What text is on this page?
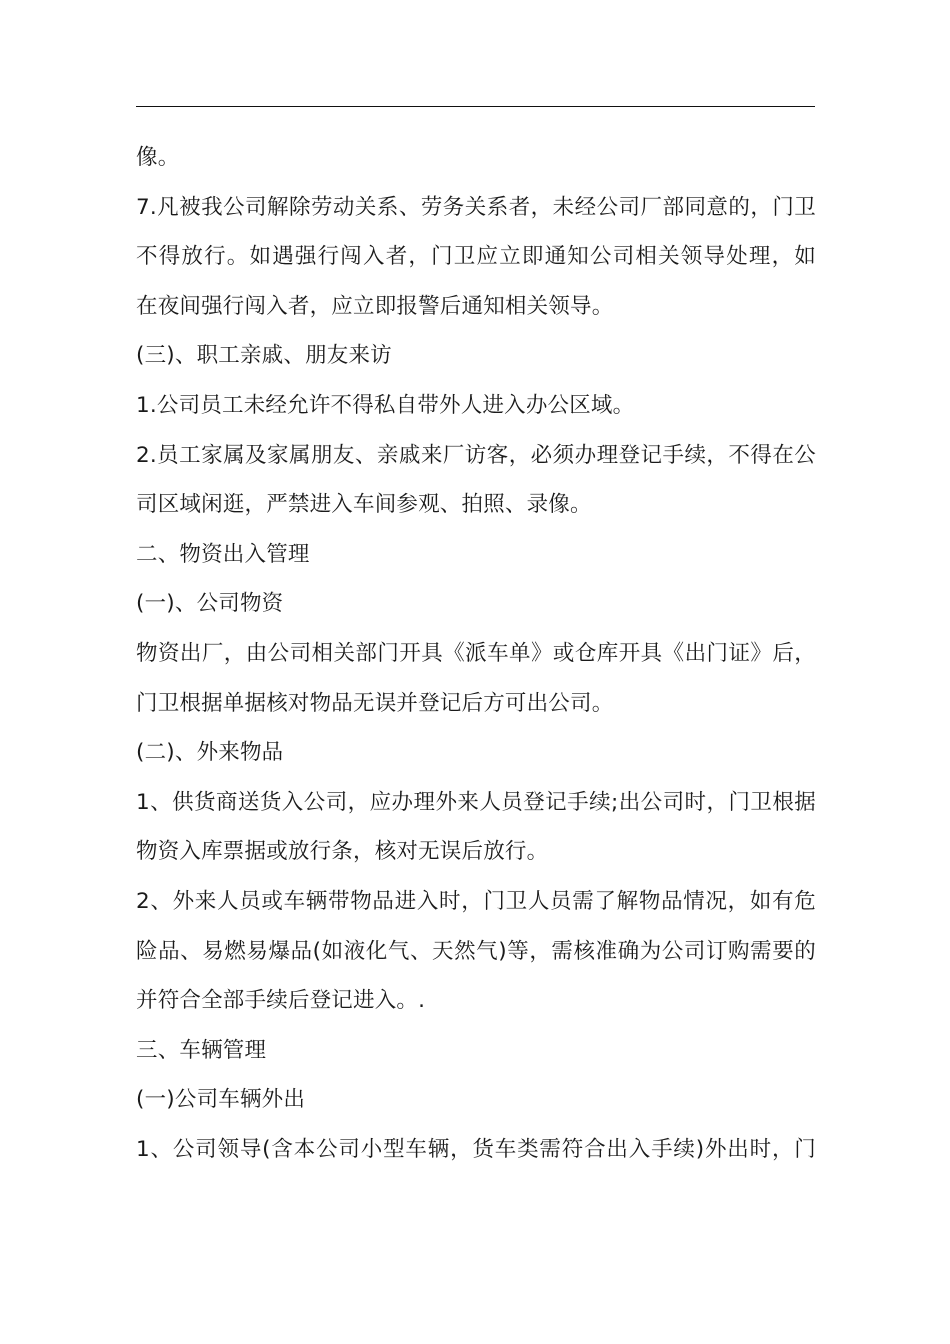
像。
7.凡被我公司解除劳动关系、劳务关系者，未经公司厂部同意的，门卫
不得放行。如遇强行闯入者，门卫应立即通知公司相关领导处理，如
在夜间强行闯入者，应立即报警后通知相关领导。
(三)、职工亲戚、朋友来访
1.公司员工未经允许不得私自带外人进入办公区域。
2.员工家属及家属朋友、亲戚来厂访客，必须办理登记手续，不得在公
司区域闲逛，严禁进入车间参观、拍照、录像。
二、物资出入管理
(一)、公司物资
物资出厂，由公司相关部门开具《派车单》或仓库开具《出门证》后，
门卫根据单据核对物品无误并登记后方可出公司。
(二)、外来物品
1、供货商送货入公司，应办理外来人员登记手续;出公司时，门卫根据
物资入库票据或放行条，核对无误后放行。
2、外来人员或车辆带物品进入时，门卫人员需了解物品情况，如有危
险品、易燃易爆品(如液化气、天然气)等，需核准确为公司订购需要的
并符合全部手续后登记进入。.
三、车辆管理
(一)公司车辆外出
1、公司领导(含本公司小型车辆，货车类需符合出入手续)外出时，门
